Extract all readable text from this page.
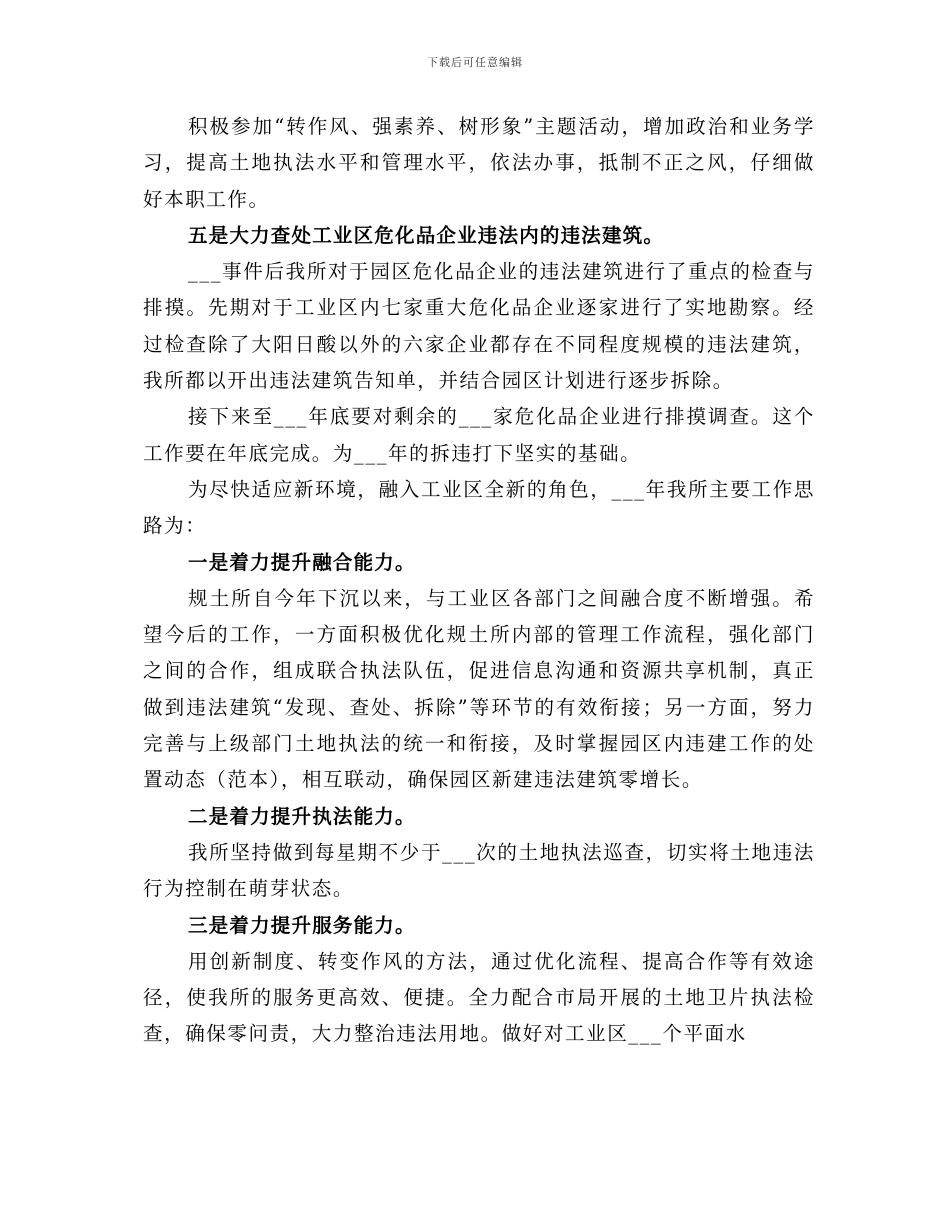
下载后可任意编辑

积极参加“转作风、强素养、树形象”主题活动，增加政治和业务学习，提高土地执法水平和管理水平，依法办事，抵制不正之风，仔细做好本职工作。

五是大力查处工业区危化品企业违法内的违法建筑。

___事件后我所对于园区危化品企业的违法建筑进行了重点的检查与排摸。先期对于工业区内七家重大危化品企业逐家进行了实地勘察。经过检查除了大阳日酸以外的六家企业都存在不同程度规模的违法建筑，我所都以开出违法建筑告知单，并结合园区计划进行逐步拆除。

接下来至___年底要对剩余的___家危化品企业进行排摸调查。这个工作要在年底完成。为___年的拆违打下坚实的基础。

为尽快适应新环境，融入工业区全新的角色，___年我所主要工作思路为：

一是着力提升融合能力。

规土所自今年下沉以来，与工业区各部门之间融合度不断增强。希望今后的工作，一方面积极优化规土所内部的管理工作流程，强化部门之间的合作，组成联合执法队伍，促进信息沟通和资源共享机制，真正做到违法建筑“发现、查处、拆除”等环节的有效衔接；另一方面，努力完善与上级部门土地执法的统一和衔接，及时掌握园区内违建工作的处置动态（范本），相互联动，确保园区新建违法建筑零增长。

二是着力提升执法能力。

我所坚持做到每星期不少于___次的土地执法巡查，切实将土地违法行为控制在萌芽状态。

三是着力提升服务能力。

用创新制度、转变作风的方法，通过优化流程、提高合作等有效途径，使我所的服务更高效、便捷。全力配合市局开展的土地卫片执法检查，确保零问责，大力整治违法用地。做好对工业区___个平面水
